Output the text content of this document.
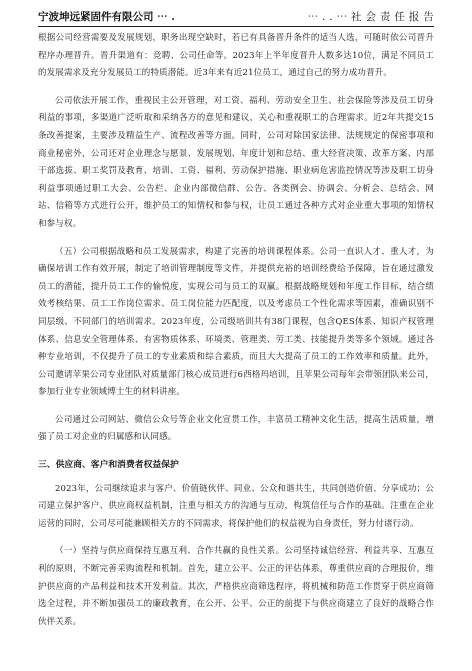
宁波坤远紧固件有限公司 ⋯ .	⋯ . . ⋯ 社 会 责 任 报 告

根据公司经营需要及发展规划，职务出现空缺时，若已有具备晋升条件的适当人选，可随时依公司晋升程序办理晋升。晋升渠道有：竞聘、公司任命等。2023年上半年度晋升人数多达10位，满足不同员工的发展需求及充分发展员工的特质潜能。近3年来有近21位员工，通过自己的努力成功晋升。

公司依法开展工作，重视民主公开管理，对工资、福利、劳动安全卫生、社会保险等涉及员工切身利益的事项，多渠道广泛听取和采纳各方的意见和建议，关心和重视职工的合理需求。近2年共提交15条改善提案，主要涉及精益生产、流程改善等方面。同时，公司对除国家法律、法规规定的保密事项和商业秘密外，公司还对企业理念与愿景、发展规划、年度计划和总结、重大经营决策、改革方案、内部干部选拔、职工奖罚及教育、培训、工资、福利、劳动保护措施、职业病危害监控情况等涉及职工切身利益事项通过职工大会、公告栏、企业内部微信群、公告、各类例会、协调会、分析会、总结会、网站、信箱等方式进行公开，维护员工的知情权和参与权，让员工通过各种方式对企业重大事项的知情权和参与权。

（五）公司根据战略和员工发展需求，构建了完善的培训课程体系。公司一直识人才、重人才，为确保培训工作有效开展，制定了培训管理制度等文件，并提供充裕的培训经费给予保障，旨在通过激发员工的潜能，提升员工工作的愉悦度，实现公司与员工的双赢。根据战略规划和年度工作目标，结合绩效考核结果、员工工作岗位需求、员工岗位能力匹配度，以及考虑员工个性化需求等因素，准确识别不同层级、不同部门的培训需求。2023年度，公司级培训共有38门课程，包含QES体系、知识产权管理体系、信息安全管理体系、有害物质体系、环境类、管理类、劳工类、技能提升类等多个领域。通过各种专业培训，不仅提升了员工的专业素质和综合素质，而且大大提高了员工的工作效率和质量。此外，公司邀请苹果公司专业团队对质量部门核心成员进行6西格玛培训，且苹果公司每年会带领团队来公司，参加行业专业领域博士生的材料讲座。

公司通过公司网站、微信公众号等企业文化宣贯工作，丰富员工精神文化生活，提高生活质量，增强了员工对企业的归属感和认同感。

三、供应商、客户和消费者权益保护

2023年，公司继续追求与客户、价值链伙伴、同业、公众和谐共生，共同创造价值、分享成功；公司建立保护客户、供应商权益机制，注重与相关方的沟通与互动，构筑信任与合作的基础。注重在企业运营的同时，公司尽可能兼顾相关方的不同需求，将保护他们的权益视为自身责任，努力付诸行动。

（一）坚持与供应商保持互惠互利、合作共赢的良性关系。公司坚持诚信经营、利益共享、互惠互利的原则，不断完善采购流程和机制。首先，建立公平、公正的评估体系，尊重供应商的合理报价，维护供应商的产品利益和技术开发利益。其次，严格供应商筛选程序，将机械和防范工作贯穿于供应商筛选全过程，并不断加强员工的廉政教育，在公开、公平、公正的前提下与供应商建立了良好的战略合作伙伴关系。
